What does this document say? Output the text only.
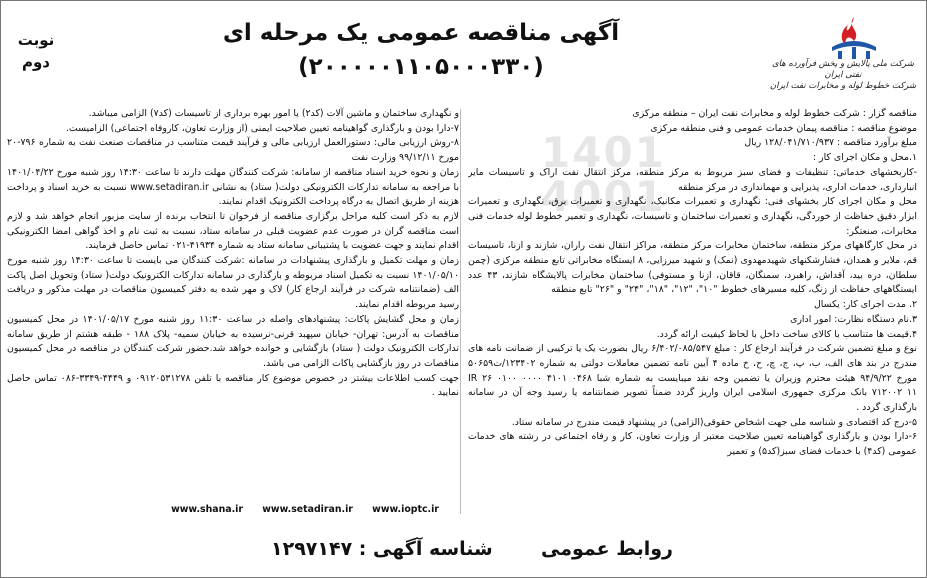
شرکت ملی پالایش و پخش فرآورده های نفتی ایران
شرکت خطوط لوله و مخابرات نفت ایران
آگهی مناقصه عمومی یک مرحله ای
(۲۰۰۰۰۰۱۱۰۵۰۰۰۳۳۰)
نوبت
دوم
1401
4001

مناقصه گزار : شرکت خطوط لوله و مخابرات نفت ایران – منطقه مرکزی

موضوع مناقصه : مناقصه پیمان خدمات عمومی و فنی منطقه مرکزی

مبلغ برآورد مناقصه : ۱۲۸/۰۴۱/۷۱۰/۹۳۷ ریال

۱.محل و مکان اجرای کار :

-کاربخشهای خدماتی: تنظیفات و فضای سبز مربوط به مرکز منطقه، مرکز انتقال نفت اراک و تاسیسات مایر انبارداری، خدمات اداری، پذیرایی و مهمانداری در مرکز منطقه

محل و مکان اجرای کار بخشهای فنی: نگهداری و تعمیرات مکانیک، نگهداری و تعمیرات برق، نگهداری و تعمیرات ابزار دقیق حفاظت از خوردگی، نگهداری و تعمیرات ساختمان و تاسیسات، نگهداری و تعمیر خطوط لوله خدمات فنی مخابرات، صنعتگر:

در محل کارگاههای مرکز منطقه، ساختمان مخابرات مرکز منطقه، مراکز انتقال نفت راران، شازند و ازنا، تاسیسات قم، ملایر و همدان، فشارشکنهای شهیدمهدوی (نمک) و شهید میرزایی، ۸ ایستگاه مخابراتی تابع منطقه مرکزی (چمن سلطان، دره بید، آقداش، راهبرد، سمنگان، قاقان، ازنا و مستوفی) ساختمان مخابرات پالایشگاه شازند، ۴۳ عدد ایستگاههای حفاظت از زنگ، کلیه مسیرهای خطوط "۱۰"، "۱۲"، "۱۸"، "۲۴" و "۲۶" تابع منطقه

۲. مدت اجرای کار: یکسال

۳.نام دستگاه نظارت: امور اداری

۴.قیمت ها متناسب با کالای ساخت داخل با لحاظ کیفیت ارائه گردد.

نوع و مبلغ تضمین شرکت در فرآیند ارجاع کار : مبلغ ۶/۴۰۲/۰۸۵/۵۴۷ ریال بصورت یک یا ترکیبی از ضمانت نامه های مندرج در بند های الف، ب، پ، ج، چ، ح، خ ماده ۴ آیین نامه تضمین معاملات دولتی به شماره ۱۲۳۴۰۲/ت۵۰۶۵۹ مورخ ۹۴/۹/۲۲ هیئت محترم وزیران یا تضمین وجه نقد میبایست به شماره شبا IR ۲۶ ۰۱۰۰ ۰۰۰۰ ۴۱۰۱ ۰۴۶۸ ۷۱۲۰۰۲ ۱۱ بانک مرکزی جمهوری اسلامی ایران واریز گردد ضمناً تصویر ضمانتنامه یا رسید وجه آن در سامانه بارگذاری گردد .

۵-درج کد اقتصادی و شناسه ملی جهت اشخاص حقوقی(الزامی) در پیشنهاد قیمت مندرج در سامانه ستاد.

۶-دارا بودن و بارگذاری گواهینامه تعیین صلاحیت معتبر از وزارت تعاون، کار و رفاه اجتماعی در رشته های خدمات عمومی (کد۴) با خدمات فضای سبز(کد۵) و تعمیر

و نگهداری ساختمان و ماشین آلات (کد۲) یا امور بهره برداری از تاسیسات (کد۷) الزامی میباشد.

۷-دارا بودن و بارگذاری گواهینامه تعیین صلاحیت ایمنی (از وزارت تعاون، کاروفاه اجتماعی) الزامیست.

۸-روش ارزیابی مالی: دستورالعمل ارزیابی مالی و فرآیند قیمت متناسب در مناقصات صنعت نفت به شماره ۷۹۶-۲۰ مورخ ۹۹/۱۲/۱۱ وزارت نفت

زمان و نحوه خرید اسناد مناقصه از سامانه: شرکت کنندگان مهلت دارند تا ساعت ۱۴:۳۰ روز شنبه مورخ ۱۴۰۱/۰۴/۲۲ با مراجعه به سامانه تدارکات الکترونیکی دولت( ستاد) به نشانی www.setadiran.ir نسبت به خرید اسناد و پرداخت هزینه از طریق اتصال به درگاه پرداخت الکترونیک اقدام نمایند.

لازم به ذکر است کلیه مراحل برگزاری مناقصه از فرخوان تا انتخاب برنده از سایت مزبور انجام خواهد شد و لازم است مناقصه گران در صورت عدم عضویت قبلی در سامانه ستاد، نسبت به ثبت نام و اخذ گواهی امضا الکترونیکی اقدام نمایند و جهت عضویت با پشتیبانی سامانه ستاد به شماره ۴۱۹۳۴-۰۲۱ تماس حاصل فرمایند.

زمان و مهلت تکمیل و بارگذاری پیشنهادات در سامانه :شرکت کنندگان می بایست تا ساعت ۱۴:۳۰ روز شنبه مورخ ۱۴۰۱/۰۵/۱۰ نسبت به تکمیل اسناد مربوطه و بارگذاری در سامانه تدارکات الکترونیک دولت( ستاد) وتحویل اصل پاکت الف (ضمانتنامه شرکت در فرآیند ارجاع کار) لاک و مهر شده به دفتر کمیسیون مناقصات در مهلت مذکور و دریافت رسید مربوطه اقدام نمایند.

زمان و محل گشایش پاکات: پیشنهادهای واصله در ساعت ۱۱:۳۰ روز شنبه مورخ ۱۴۰۱/۰۵/۱۷ در محل کمیسیون مناقصات به آدرس: تهران- خیابان سپهبد قرنی-نرسیده به خیابان سمیه- پلاک ۱۸۸ - طبقه هشتم از طریق سامانه تدارکات الکترونیک دولت ( ستاد) بازگشایی و خوانده خواهد شد.حضور شرکت کنندگان در مناقصه در محل کمیسیون مناقصات در روز بازگشایی پاکات الزامی می باشد.

جهت کسب اطلاعات بیشتر در خصوص موضوع کار مناقصه با تلفن ۰۹۱۲۰۵۳۱۲۷۸ و ۴۴۴۹-۳۳۴۹-۰۸۶ تماس حاصل نمایید .

www.shana.ir www.setadiran.ir www.ioptc.ir
شناسه آگهی : ۱۲۹۷۱۴۷	روابط عمومی
